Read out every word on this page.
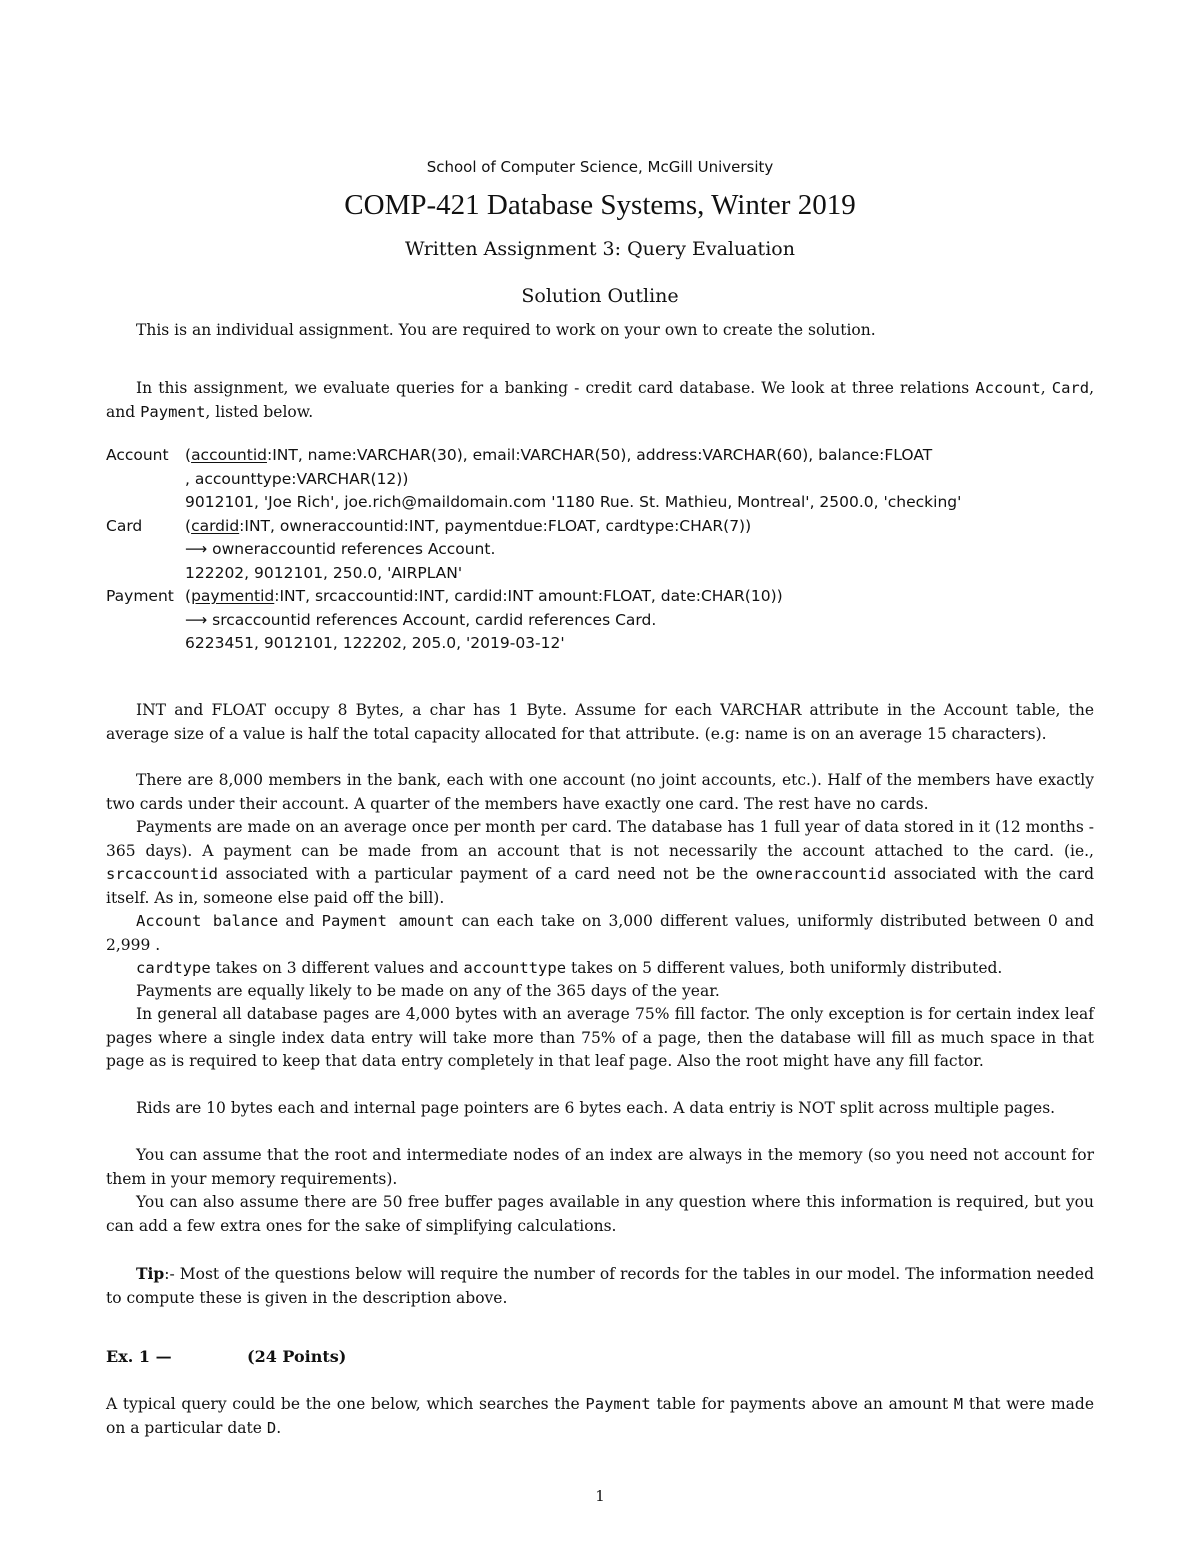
School of Computer Science, McGill University
COMP-421 Database Systems, Winter 2019
Written Assignment 3: Query Evaluation
Solution Outline

This is an individual assignment. You are required to work on your own to create the solution.

In this assignment, we evaluate queries for a banking - credit card database. We look at three relations Account, Card, and Payment, listed below.

Account (accountid:INT, name:VARCHAR(30), email:VARCHAR(50), address:VARCHAR(60), balance:FLOAT
, accounttype:VARCHAR(12))
9012101, 'Joe Rich', joe.rich@maildomain.com '1180 Rue. St. Mathieu, Montreal', 2500.0, 'checking'
Card	(cardid:INT, owneraccountid:INT, paymentdue:FLOAT, cardtype:CHAR(7))
⟶ owneraccountid references Account.
122202, 9012101, 250.0, 'AIRPLAN'
Payment (paymentid:INT, srcaccountid:INT, cardid:INT amount:FLOAT, date:CHAR(10))
⟶ srcaccountid references Account, cardid references Card.
6223451, 9012101, 122202, 205.0, '2019-03-12'

INT and FLOAT occupy 8 Bytes, a char has 1 Byte. Assume for each VARCHAR attribute in the Account table, the average size of a value is half the total capacity allocated for that attribute. (e.g: name is on an average 15 characters).

There are 8,000 members in the bank, each with one account (no joint accounts, etc.). Half of the members have exactly two cards under their account. A quarter of the members have exactly one card. The rest have no cards.

Payments are made on an average once per month per card. The database has 1 full year of data stored in it (12 months - 365 days). A payment can be made from an account that is not necessarily the account attached to the card. (ie., srcaccountid associated with a particular payment of a card need not be the owneraccountid associated with the card itself. As in, someone else paid off the bill).

Account balance and Payment amount can each take on 3,000 different values, uniformly distributed between 0 and 2,999 .

cardtype takes on 3 different values and accounttype takes on 5 different values, both uniformly distributed.

Payments are equally likely to be made on any of the 365 days of the year.

In general all database pages are 4,000 bytes with an average 75% fill factor. The only exception is for certain index leaf pages where a single index data entry will take more than 75% of a page, then the database will fill as much space in that page as is required to keep that data entry completely in that leaf page. Also the root might have any fill factor.

Rids are 10 bytes each and internal page pointers are 6 bytes each. A data entriy is NOT split across multiple pages.

You can assume that the root and intermediate nodes of an index are always in the memory (so you need not account for them in your memory requirements).

You can also assume there are 50 free buffer pages available in any question where this information is required, but you can add a few extra ones for the sake of simplifying calculations.

Tip:- Most of the questions below will require the number of records for the tables in our model. The information needed to compute these is given in the description above.

Ex. 1 —	(24 Points)

A typical query could be the one below, which searches the Payment table for payments above an amount M that were made on a particular date D.

1
